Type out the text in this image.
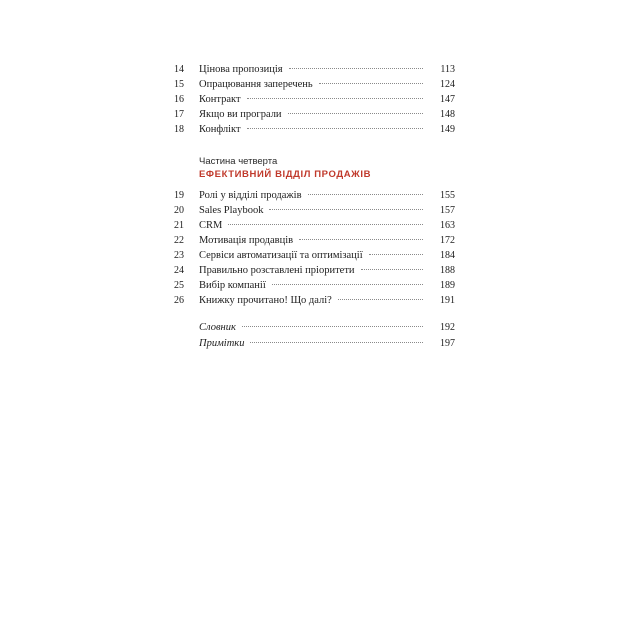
14	Цінова пропозиція	113
15	Опрацювання заперечень	124
16	Контракт	147
17	Якщо ви програли	148
18	Конфлікт	149
Частина четверта
ЕФЕКТИВНИЙ ВІДДІЛ ПРОДАЖІВ
19	Ролі у відділі продажів	155
20	Sales Playbook	157
21	CRM	163
22	Мотивація продавців	172
23	Сервіси автоматизації та оптимізації	184
24	Правильно розставлені пріоритети	188
25	Вибір компанії	189
26	Книжку прочитано! Що далі?	191
Словник	192
Примітки	197
